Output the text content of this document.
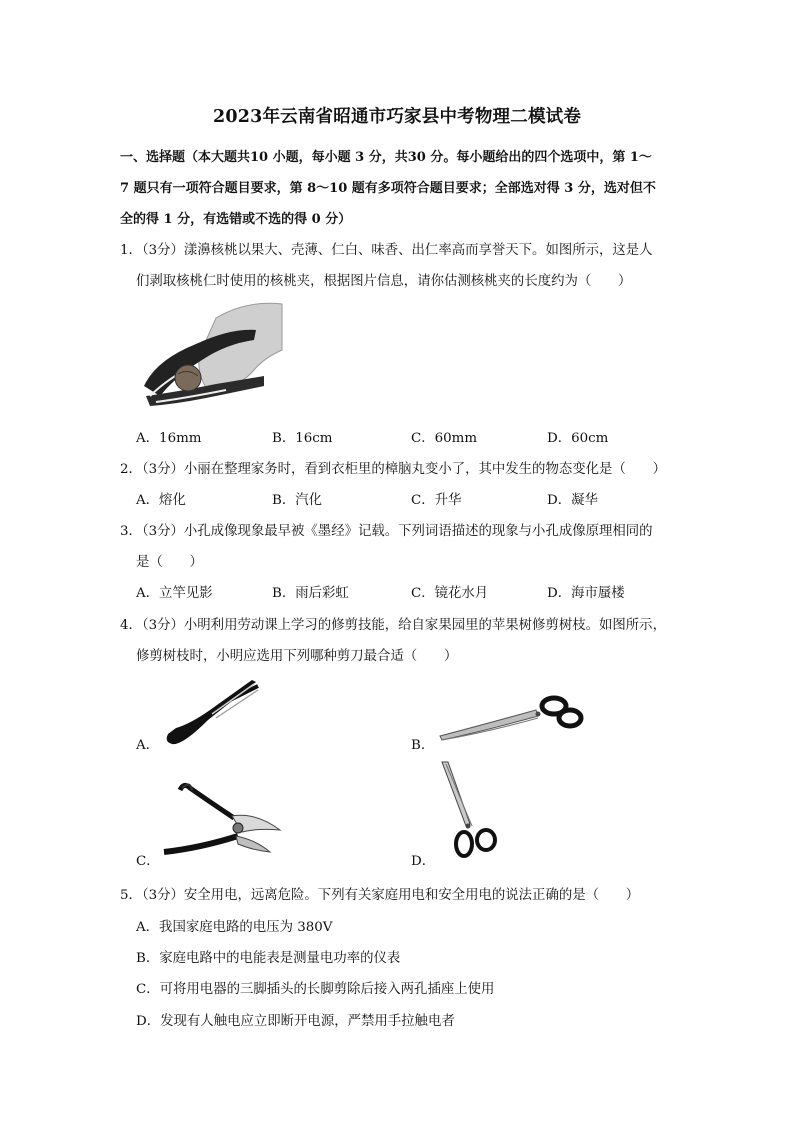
2023年云南省昭通市巧家县中考物理二模试卷
一、选择题（本大题共10 小题，每小题 3 分，共30 分。每小题给出的四个选项中，第 1～
7 题只有一项符合题目要求，第 8～10 题有多项符合题目要求；全部选对得 3 分，选对但不
全的得 1 分，有选错或不选的得 0 分）
1．（3分）漾濞核桃以果大、壳薄、仁白、味香、出仁率高而享誉天下。如图所示，这是人
们剥取核桃仁时使用的核桃夹，根据图片信息，请你估测核桃夹的长度约为（　　）
A．16mm	B．16cm	C．60mm	D．60cm
2．（3分）小丽在整理家务时，看到衣柜里的樟脑丸变小了，其中发生的物态变化是（　　）
A．熔化	B．汽化	C．升华	D．凝华
3．（3分）小孔成像现象最早被《墨经》记载。下列词语描述的现象与小孔成像原理相同的
是（　　）
A．立竿见影	B．雨后彩虹	C．镜花水月	D．海市蜃楼
4．（3分）小明利用劳动课上学习的修剪技能，给自家果园里的苹果树修剪树枝。如图所示，
修剪树枝时，小明应选用下列哪种剪刀最合适（　　）
A．	B．
C．	D．
5．（3分）安全用电，远离危险。下列有关家庭用电和安全用电的说法正确的是（　　）
A．我国家庭电路的电压为 380V
B．家庭电路中的电能表是测量电功率的仪表
C．可将用电器的三脚插头的长脚剪除后接入两孔插座上使用
D．发现有人触电应立即断开电源，严禁用手拉触电者
